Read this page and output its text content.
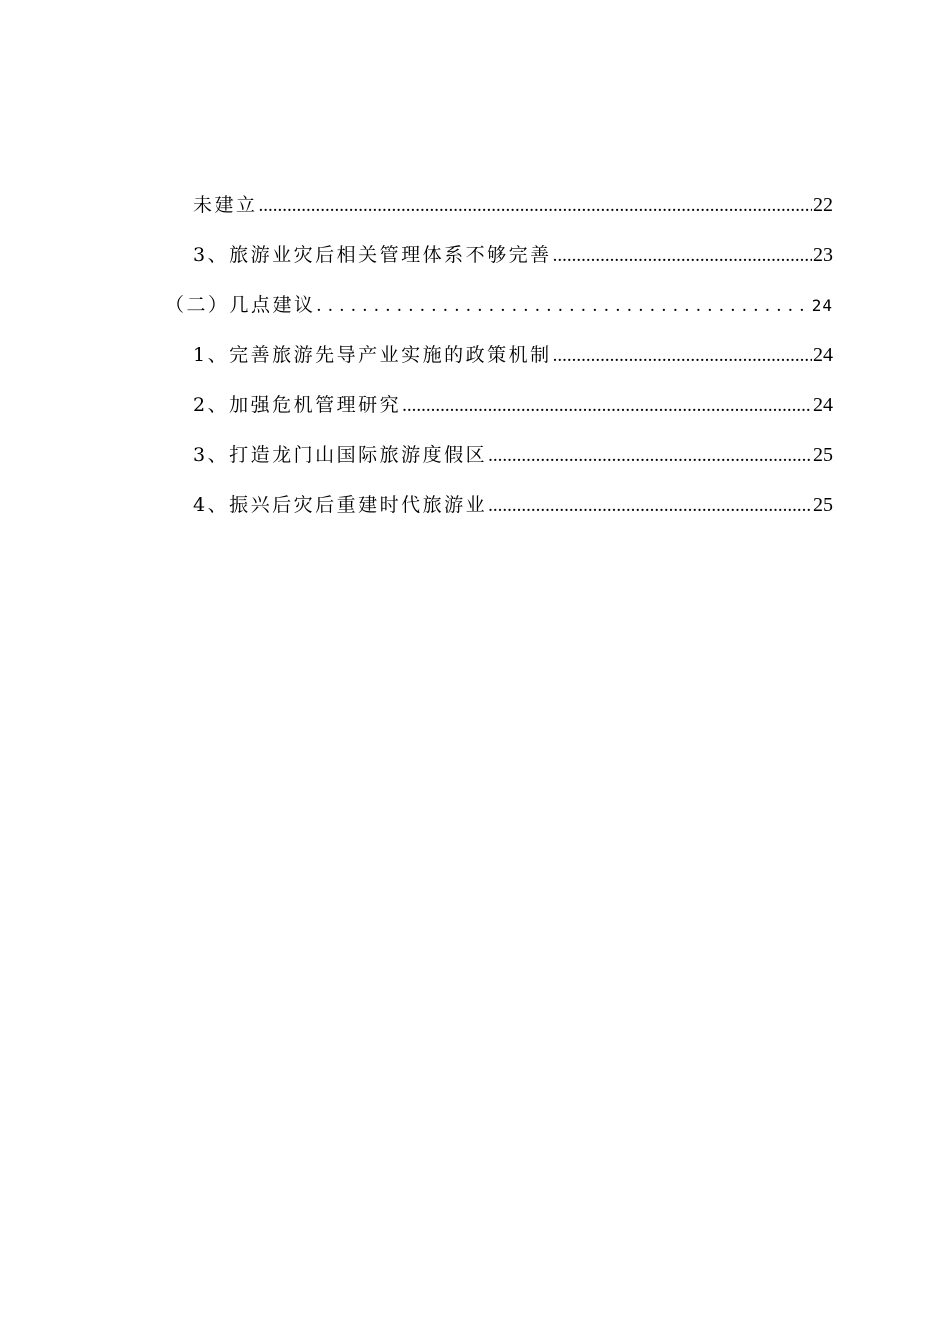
未建立 .....	22
3、旅游业灾后相关管理体系不够完善 .....	23
（二）几点建议 . . .	24
1、完善旅游先导产业实施的政策机制 .....	24
2、加强危机管理研究 .....	24
3、打造龙门山国际旅游度假区 .....	25
4、振兴后灾后重建时代旅游业 .....	25
